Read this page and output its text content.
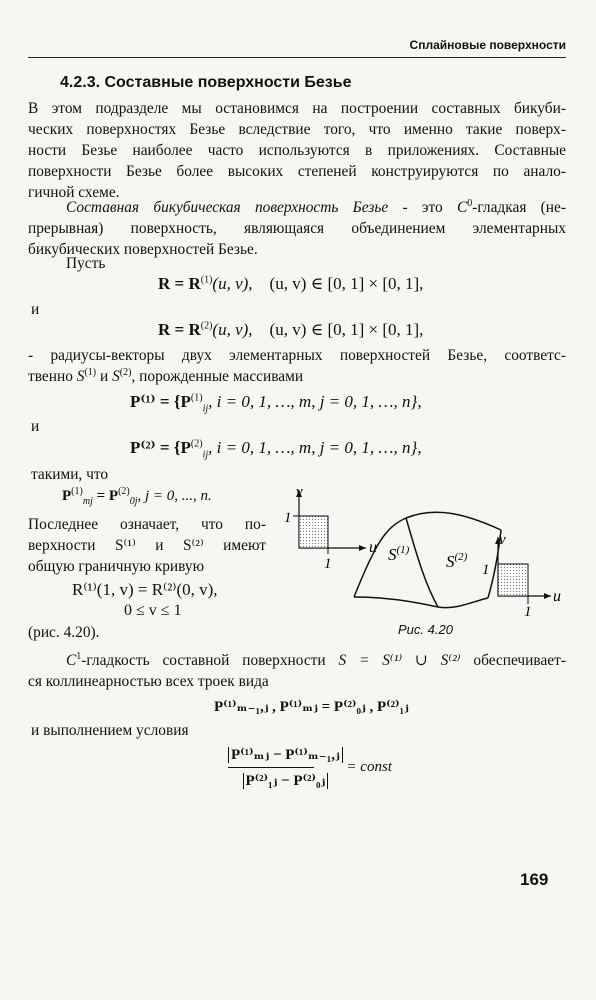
Сплайновые поверхности
4.2.3. Составные поверхности Безье
В этом подразделе мы остановимся на построении составных бикуби-
ческих поверхностях Безье вследствие того, что именно такие поверх-
ности Безье наиболее часто используются в приложениях. Составные
поверхности Безье более высоких степеней конструируются по анало-
гичной схеме.
Составная бикубическая поверхность Безье - это $C^0$-гладкая (не-
прерывная) поверхность, являющаяся объединением элементарных
бикубических поверхностей Безье.
Пусть
$R = R^{(1)}(u$, v), (u, v) ∈ [0, 1] × [0, 1],
и
$R = R^{(2)}(u$, v), (u, v) ∈ [0, 1] × [0, 1],
- радиусы-векторы двух элементарных поверхностей Безье, соответс-
твенно $S^{(1)}$ и $S^{(2)}$, порожденные массивами
$P^{(1)} = \{P^{(1)}_{ij}$, i = 0, 1, …, m, j = 0, 1, …, n},
и
$P^{(2)} = \{P^{(2)}_{ij}$, i = 0, 1, …, m, j = 0, 1, …, n},
такими, что
$P^{(1)}_{mj} = P^{(2)}_{0j}$, j = 0, ..., n.
Последнее означает, что по-
верхности S⁽¹⁾ и S⁽²⁾ имеют
общую граничную кривую
R⁽¹⁾(1, v) = R⁽²⁾(0, v),
0 ≤ v ≤ 1
(рис. 4.20).
v
u
1
1	$S^{(1)}$
$S^{(2)}$
v
u
1
1
Рис. 4.20
$C^1$-гладкость составной поверхности S = S⁽¹⁾ ∪ S⁽²⁾ обеспечивает-
ся коллинеарностью всех троек вида
P⁽¹⁾ₘ₋₁,ⱼ , P⁽¹⁾ₘⱼ = P⁽²⁾₀ⱼ , P⁽²⁾₁ⱼ
и выполнением условия
$\frac{\text{P⁽¹⁾ₘⱼ − P⁽¹⁾ₘ₋₁,ⱼ}}{\text{P⁽²⁾₁ⱼ − P⁽²⁾₀ⱼ}}$ = const
169
